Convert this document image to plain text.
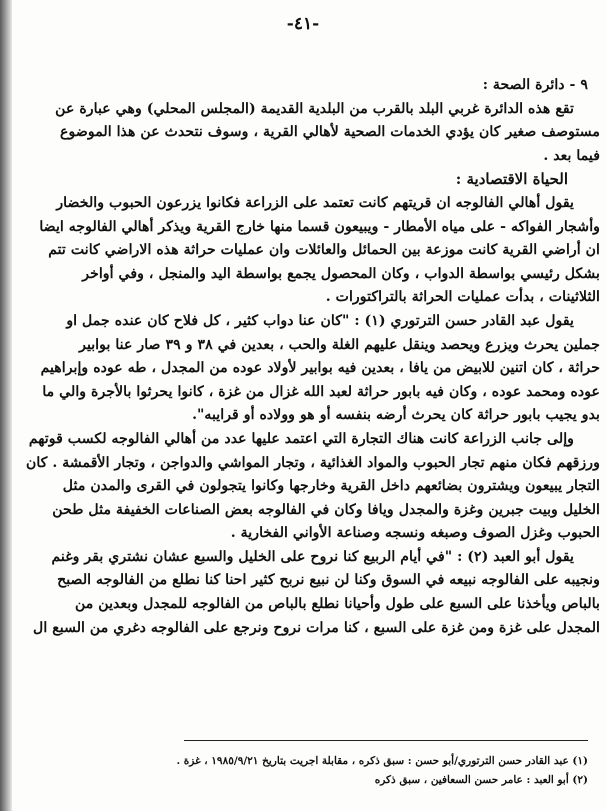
-٤١-
٩ - دائرة الصحة :
تقع هذه الدائرة غربي البلد بالقرب من البلدية القديمة (المجلس المحلي) وهي عبارة عن
مستوصف صغير كان يؤدي الخدمات الصحية لأهالي القرية ، وسوف نتحدث عن هذا الموضوع
فيما بعد .
الحياة الاقتصادية :
يقول أهالي الفالوجه ان قريتهم كانت تعتمد على الزراعة فكانوا يزرعون الحبوب والخضار
وأشجار الفواكه - على مياه الأمطار - ويبيعون قسما منها خارج القرية ويذكر أهالي الفالوجه ايضا
ان أراضي القرية كانت موزعة بين الحمائل والعائلات وان عمليات حراثة هذه الاراضي كانت تتم
بشكل رئيسي بواسطة الدواب ، وكان المحصول يجمع بواسطة اليد والمنجل ، وفي أواخر
الثلاثينات ، بدأت عمليات الحراثة بالتراكتورات .
يقول عبد القادر حسن الترتوري (١) : "كان عنا دواب كثير ، كل فلاح كان عنده جمل او
جملين يحرث ويزرع ويحصد وينقل عليهم الغلة والحب ، بعدين في ٣٨ و ٣٩ صار عنا بوابير
حراثة ، كان اتنين للابيض من يافا ، بعدين فيه بوابير لأولاد عوده من المجدل ، طه عوده وإبراهيم
عوده ومحمد عوده ، وكان فيه بابور حراثة لعبد الله غزال من غزة ، كانوا يحرثوا بالأجرة والي ما
بدو يجيب بابور حراثة كان يحرث أرضه بنفسه أو هو وولاده أو قرايبه".
وإلى جانب الزراعة كانت هناك التجارة التي اعتمد عليها عدد من أهالي الفالوجه لكسب قوتهم
ورزقهم فكان منهم تجار الحبوب والمواد الغذائية ، وتجار المواشي والدواجن ، وتجار الأقمشة . كان
التجار يبيعون ويشترون بضائعهم داخل القرية وخارجها وكانوا يتجولون في القرى والمدن مثل
الخليل وبيت جبرين وغزة والمجدل ويافا وكان في الفالوجه بعض الصناعات الخفيفة مثل طحن
الحبوب وغزل الصوف وصبغه ونسجه وصناعة الأواني الفخارية .
يقول أبو العبد (٢) : "في أيام الربيع كنا نروح على الخليل والسبع عشان نشتري بقر وغنم
ونجيبه على الفالوجه نبيعه في السوق وكنا لن نبيع نربح كثير احنا كنا نطلع من الفالوجه الصبح
بالباص ويأخذنا على السبع على طول وأحيانا نطلع بالباص من الفالوجه للمجدل وبعدين من
المجدل على غزة ومن غزة على السبع ، كنا مرات نروح ونرجع على الفالوجه دغري من السبع ال
(١) عبد القادر حسن الترتوري/أبو حسن : سبق ذكره ، مقابلة اجريت بتاريخ ١٩٨٥/٩/٢١ ، غزة .
(٢) أبو العبد : عامر حسن السعافين ، سبق ذكره
